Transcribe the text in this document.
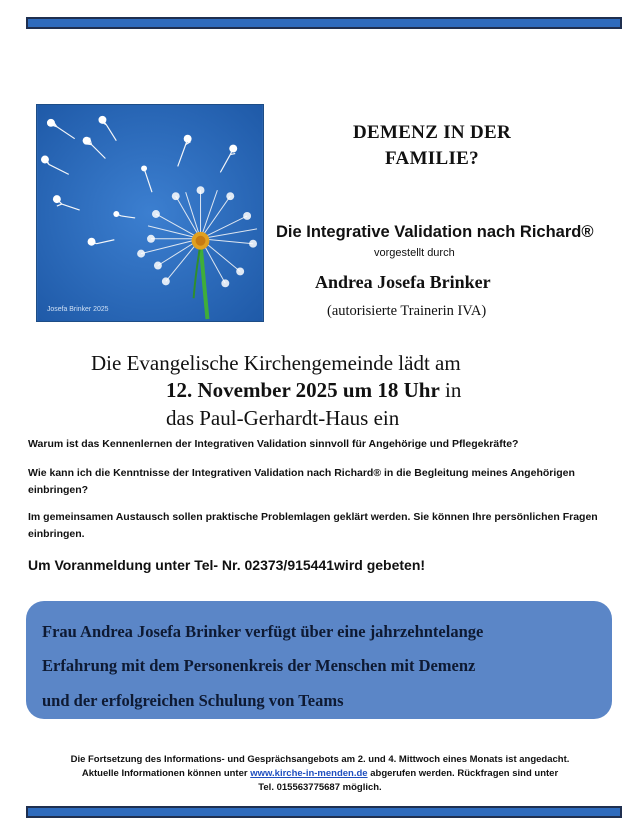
Josefa Brinker 2025
DEMENZ IN DER
FAMILIE?
Die Integrative Validation nach Richard®
vorgestellt durch
Andrea Josefa Brinker
(autorisierte Trainerin IVA)
Die Evangelische Kirchengemeinde lädt am
12. November 2025 um 18 Uhr in
das Paul-Gerhardt-Haus ein
Warum ist das Kennenlernen der Integrativen Validation sinnvoll für Angehörige und Pflegekräfte?
Wie kann ich die Kenntnisse der Integrativen Validation nach Richard® in die Begleitung meines Angehörigen einbringen?
Im gemeinsamen Austausch sollen praktische Problemlagen geklärt werden. Sie können Ihre persönlichen Fragen einbringen.
Um Voranmeldung unter Tel- Nr. 02373/915441wird gebeten!
Frau Andrea Josefa Brinker verfügt über eine jahrzehntelange
Erfahrung mit dem Personenkreis der Menschen mit Demenz
und der erfolgreichen Schulung von Teams
Die Fortsetzung des Informations- und Gesprächsangebots am 2. und 4. Mittwoch eines Monats ist angedacht.
Aktuelle Informationen können unter www.kirche-in-menden.de abgerufen werden. Rückfragen sind unter
Tel. 015563775687 möglich.
